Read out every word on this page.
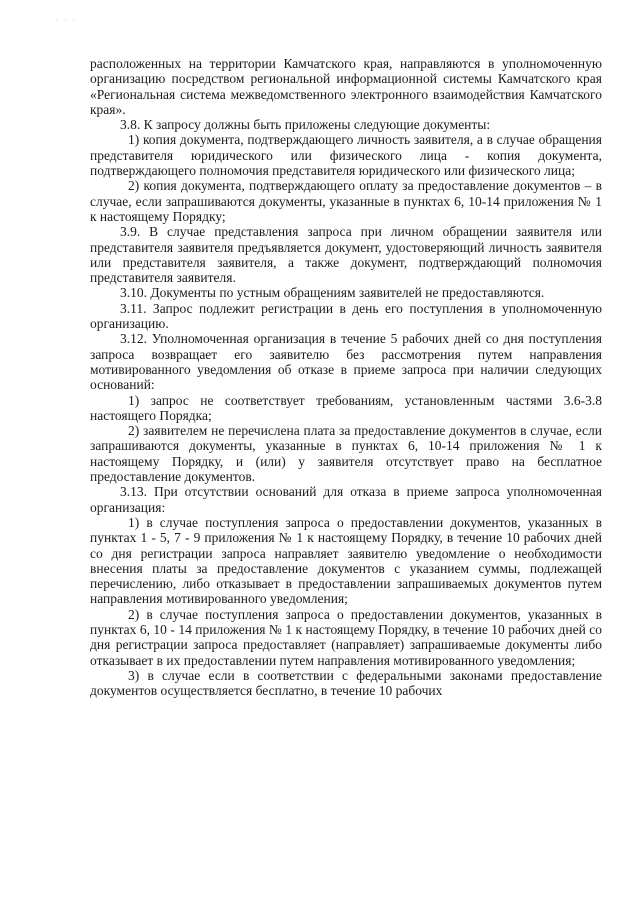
· · ·

расположенных на территории Камчатского края, направляются в уполномоченную организацию посредством региональной информационной системы Камчатского края «Региональная система межведомственного электронного взаимодействия Камчатского края».

3.8. К запросу должны быть приложены следующие документы:

1) копия документа, подтверждающего личность заявителя, а в случае обращения представителя юридического или физического лица - копия документа, подтверждающего полномочия представителя юридического или физического лица;

2) копия документа, подтверждающего оплату за предоставление документов – в случае, если запрашиваются документы, указанные в пунктах 6, 10-14 приложения № 1 к настоящему Порядку;

3.9. В случае представления запроса при личном обращении заявителя или представителя заявителя предъявляется документ, удостоверяющий личность заявителя или представителя заявителя, а также документ, подтверждающий полномочия представителя заявителя.

3.10. Документы по устным обращениям заявителей не предоставляются.

3.11. Запрос подлежит регистрации в день его поступления в уполномоченную организацию.

3.12. Уполномоченная организация в течение 5 рабочих дней со дня поступления запроса возвращает его заявителю без рассмотрения путем направления мотивированного уведомления об отказе в приеме запроса при наличии следующих оснований:

1) запрос не соответствует требованиям, установленным частями 3.6-3.8 настоящего Порядка;

2) заявителем не перечислена плата за предоставление документов в случае, если запрашиваются документы, указанные в пунктах 6, 10-14 приложения № 1 к настоящему Порядку, и (или) у заявителя отсутствует право на бесплатное предоставление документов.

3.13. При отсутствии оснований для отказа в приеме запроса уполномоченная организация:

1) в случае поступления запроса о предоставлении документов, указанных в пунктах 1 - 5, 7 - 9 приложения № 1 к настоящему Порядку, в течение 10 рабочих дней со дня регистрации запроса направляет заявителю уведомление о необходимости внесения платы за предоставление документов с указанием суммы, подлежащей перечислению, либо отказывает в предоставлении запрашиваемых документов путем направления мотивированного уведомления;

2) в случае поступления запроса о предоставлении документов, указанных в пунктах 6, 10 - 14 приложения № 1 к настоящему Порядку, в течение 10 рабочих дней со дня регистрации запроса предоставляет (направляет) запрашиваемые документы либо отказывает в их предоставлении путем направления мотивированного уведомления;

3) в случае если в соответствии с федеральными законами предоставление документов осуществляется бесплатно, в течение 10 рабочих
